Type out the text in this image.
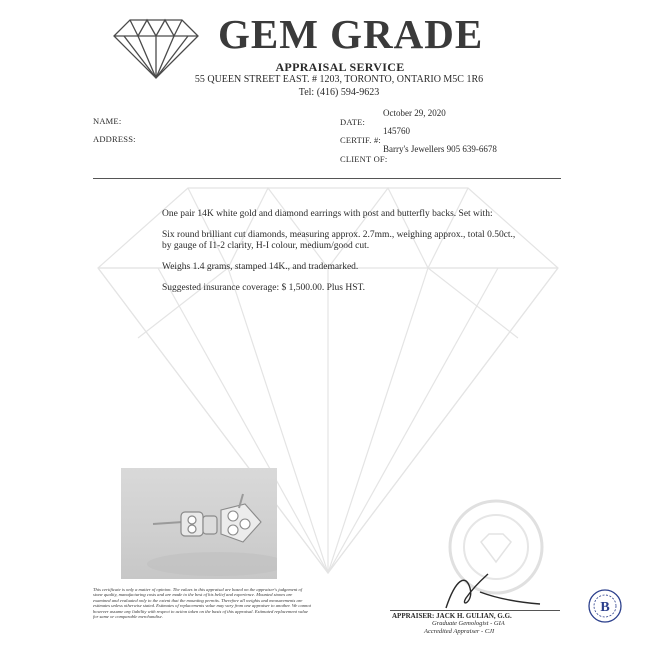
GEM GRADE
APPRAISAL SERVICE
55 QUEEN STREET EAST. # 1203, TORONTO, ONTARIO M5C 1R6
Tel: (416) 594-9623
NAME:
ADDRESS:
October 29, 2020
DATE:
145760
CERTIF. #:
Barry's Jewellers 905 639-6678
CLIENT OF:

One pair 14K white gold and diamond earrings with post and butterfly backs. Set with:

Six round brilliant cut diamonds, measuring approx. 2.7mm., weighing approx., total 0.50ct., by gauge of I1-2 clarity, H-I colour, medium/good cut.

Weighs 1.4 grams, stamped 14K., and trademarked.

Suggested insurance coverage: $ 1,500.00. Plus HST.

This certificate is only a matter of opinion. The values in this appraisal are based on the appraiser's judgement of stone quality, manufacturing costs and are made to the best of his belief and experience. Mounted stones are examined and evaluated only to the extent that the mounting permits. Therefore all weights and measurements are estimates unless otherwise stated. Estimates of replacements value may vary from one appraiser to another. We cannot however assume any liability with respect to action taken on the basis of this appraisal. Estimated replacement value for same or comparable merchandise.	APPRAISER: JACK H. GULIAN, G.G.
Graduate Gemologist - GIA
Accredited Appraiser - CJI
B
